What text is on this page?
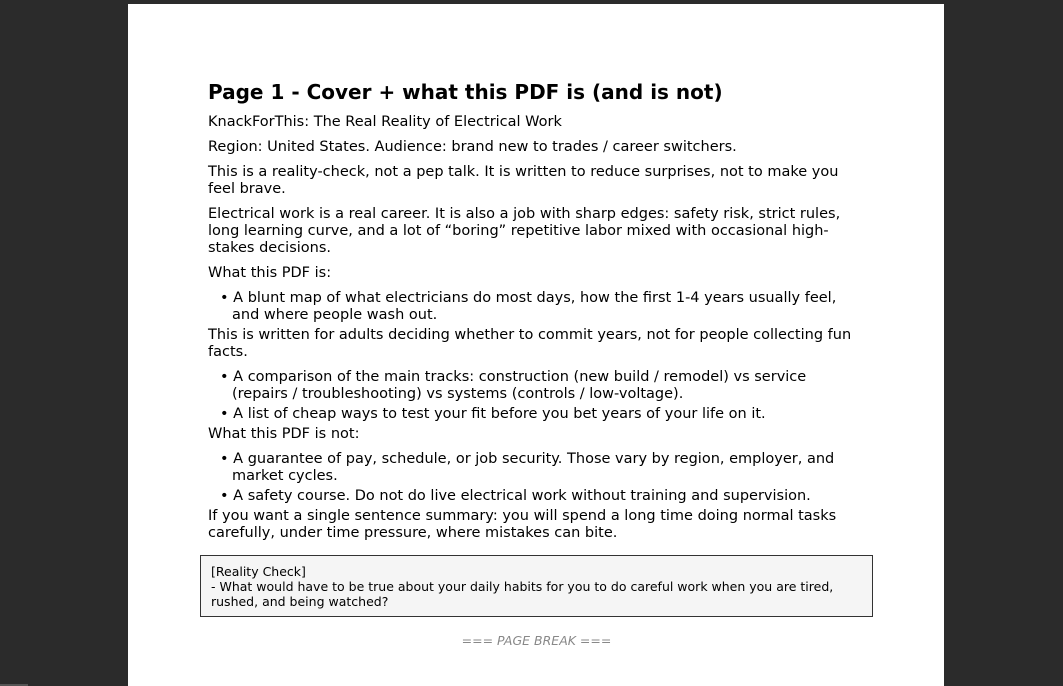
Page 1 - Cover + what this PDF is (and is not)

KnackForThis: The Real Reality of Electrical Work

Region: United States. Audience: brand new to trades / career switchers.

This is a reality-check, not a pep talk. It is written to reduce surprises, not to make you feel brave.

Electrical work is a real career. It is also a job with sharp edges: safety risk, strict rules, long learning curve, and a lot of “boring” repetitive labor mixed with occasional high-stakes decisions.

What this PDF is:

• A blunt map of what electricians do most days, how the first 1-4 years usually feel, and where people wash out.

This is written for adults deciding whether to commit years, not for people collecting fun facts.

• A comparison of the main tracks: construction (new build / remodel) vs service (repairs / troubleshooting) vs systems (controls / low-voltage).
• A list of cheap ways to test your fit before you bet years of your life on it.

What this PDF is not:

• A guarantee of pay, schedule, or job security. Those vary by region, employer, and market cycles.
• A safety course. Do not do live electrical work without training and supervision.

If you want a single sentence summary: you will spend a long time doing normal tasks carefully, under time pressure, where mistakes can bite.

[Reality Check]
- What would have to be true about your daily habits for you to do careful work when you are tired, rushed, and being watched?
=== PAGE BREAK ===
